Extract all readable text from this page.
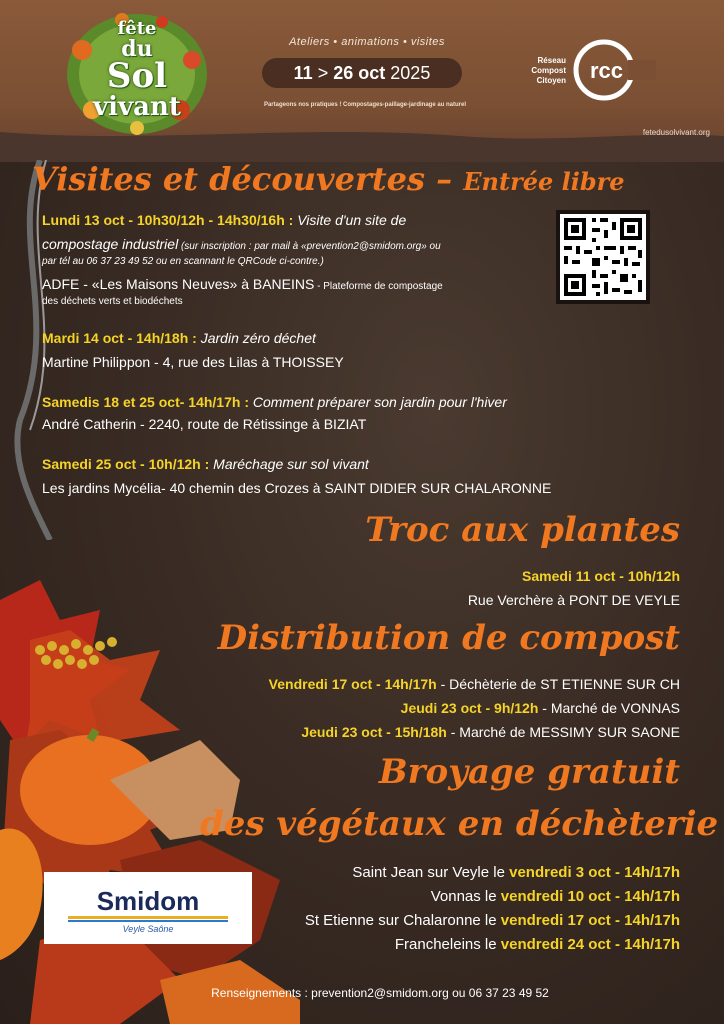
fête
du
Sol
vivant
Ateliers • animations • visites
11 > 26 oct 2025
Partageons nos pratiques ! Compostages-paillage-jardinage au naturel
Réseau
Compost
Citoyen rcc
fetedusolvivant.org
Visites et découvertes – Entrée libre
Lundi 13 oct - 10h30/12h - 14h30/16h : Visite d'un site de
compostage industriel (sur inscription : par mail à «prevention2@smidom.org» ou
par tél au 06 37 23 49 52 ou en scannant le QRCode ci-contre.)
ADFE - «Les Maisons Neuves» à BANEINS - Plateforme de compostage
des déchets verts et biodéchets
Mardi 14 oct - 14h/18h : Jardin zéro déchet
Martine Philippon - 4, rue des Lilas à THOISSEY
Samedis 18 et 25 oct- 14h/17h : Comment préparer son jardin pour l'hiver
André Catherin - 2240, route de Rétissinge à BIZIAT
Samedi 25 oct - 10h/12h : Maréchage sur sol vivant
Les jardins Mycélia- 40 chemin des Crozes à SAINT DIDIER SUR CHALARONNE
Troc aux plantes
Samedi 11 oct - 10h/12h
Rue Verchère à PONT DE VEYLE
Distribution de compost
Vendredi 17 oct - 14h/17h - Déchèterie de ST ETIENNE SUR CH
Jeudi 23 oct - 9h/12h - Marché de VONNAS
Jeudi 23 oct - 15h/18h - Marché de MESSIMY SUR SAONE
Broyage gratuit
des végétaux en déchèterie
Saint Jean sur Veyle le vendredi 3 oct - 14h/17h
Vonnas le vendredi 10 oct - 14h/17h
St Etienne sur Chalaronne le vendredi 17 oct - 14h/17h
Francheleins le vendredi 24 oct - 14h/17h
Smidom
Veyle Saône
Renseignements : prevention2@smidom.org ou 06 37 23 49 52
